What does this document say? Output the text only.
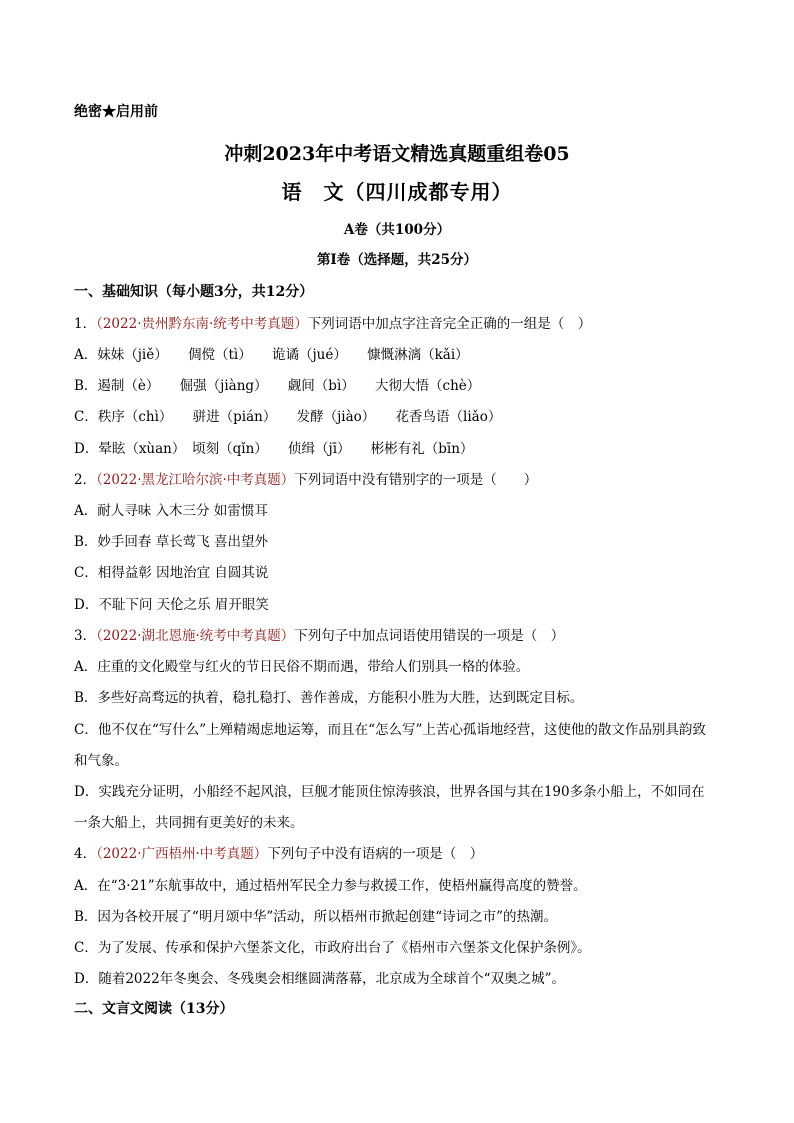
绝密★启用前
冲刺2023年中考语文精选真题重组卷05
语　文（四川成都专用）
A卷（共100分）
第I卷（选择题，共25分）
一、基础知识（每小题3分，共12分）
1．（2022·贵州黔东南·统考中考真题）下列词语中加点字注音完全正确的一组是（　）
A．妹妹（jiě）　　倜傥（tì）　　诡谲（jué）　　慷慨淋漓（kǎi）
B．遏制（è）　　倔强（jiàng）　　觑间（bì）　　大彻大悟（chè）
C．秩序（chì）　　骈进（pián）　　发酵（jiào）　　花香鸟语（liǎo）
D．晕眩（xùan）　顷刻（qǐn）　　侦缉（jī）　　彬彬有礼（bīn）
2．（2022·黑龙江哈尔滨·中考真题）下列词语中没有错别字的一项是（　　）
A．耐人寻味 入木三分 如雷惯耳
B．妙手回春 草长莺飞 喜出望外
C．相得益彰 因地治宜 自圆其说
D．不耻下问 天伦之乐 眉开眼笑
3．（2022·湖北恩施·统考中考真题）下列句子中加点词语使用错误的一项是（　）
A．庄重的文化殿堂与红火的节日民俗不期而遇，带给人们别具一格的体验。
B．多些好高骛远的执着，稳扎稳打、善作善成，方能积小胜为大胜，达到既定目标。
C．他不仅在“写什么”上殚精竭虑地运筹，而且在“怎么写”上苦心孤诣地经营，这使他的散文作品别具韵致
和气象。
D．实践充分证明，小船经不起风浪，巨舰才能顶住惊涛骇浪，世界各国与其在190多条小船上，不如同在
一条大船上，共同拥有更美好的未来。
4．（2022·广西梧州·中考真题）下列句子中没有语病的一项是（　）
A．在“3·21”东航事故中，通过梧州军民全力参与救援工作，使梧州赢得高度的赞誉。
B．因为各校开展了“明月颂中华”活动，所以梧州市掀起创建“诗词之市”的热潮。
C．为了发展、传承和保护六堡茶文化，市政府出台了《梧州市六堡茶文化保护条例》。
D．随着2022年冬奥会、冬残奥会相继圆满落幕，北京成为全球首个“双奥之城”。
二、文言文阅读（13分）
